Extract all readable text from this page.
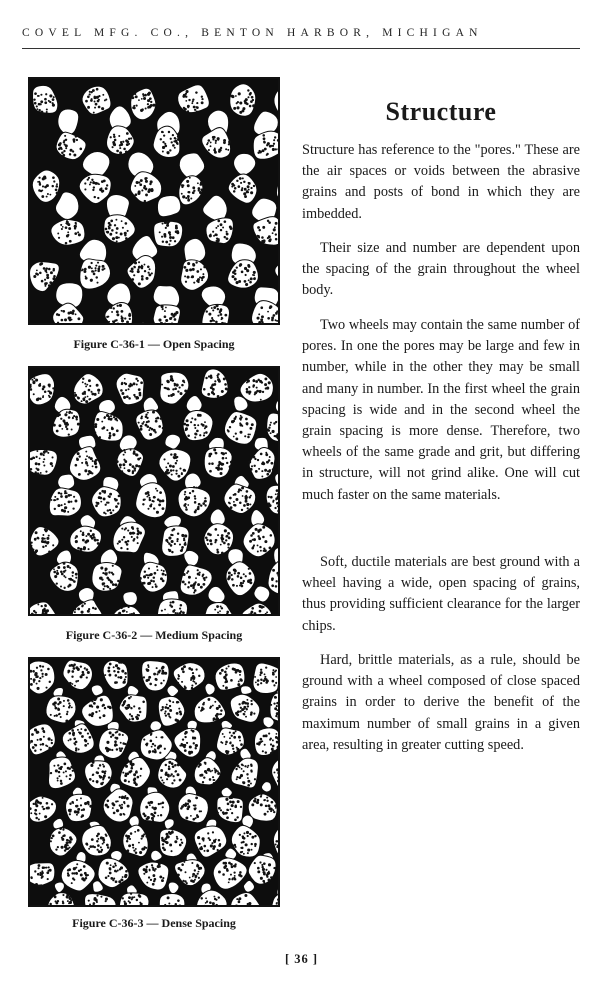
COVEL MFG. CO., BENTON HARBOR, MICHIGAN
Figure C-36-1 — Open Spacing
Figure C-36-2 — Medium Spacing
Figure C-36-3 — Dense Spacing
Structure

Structure has reference to the "pores." These are the air spaces or voids between the abrasive grains and posts of bond in which they are imbedded.

Their size and number are dependent upon the spacing of the grain throughout the wheel body.

Two wheels may contain the same number of pores. In one the pores may be large and few in number, while in the other they may be small and many in number. In the first wheel the grain spacing is wide and in the second wheel the grain spacing is more dense. Therefore, two wheels of the same grade and grit, but differing in structure, will not grind alike. One will cut much faster on the same materials.

Soft, ductile materials are best ground with a wheel having a wide, open spacing of grains, thus providing sufficient clearance for the larger chips.

Hard, brittle materials, as a rule, should be ground with a wheel composed of close spaced grains in order to derive the benefit of the maximum number of small grains in a given area, resulting in greater cutting speed.

[ 36 ]
